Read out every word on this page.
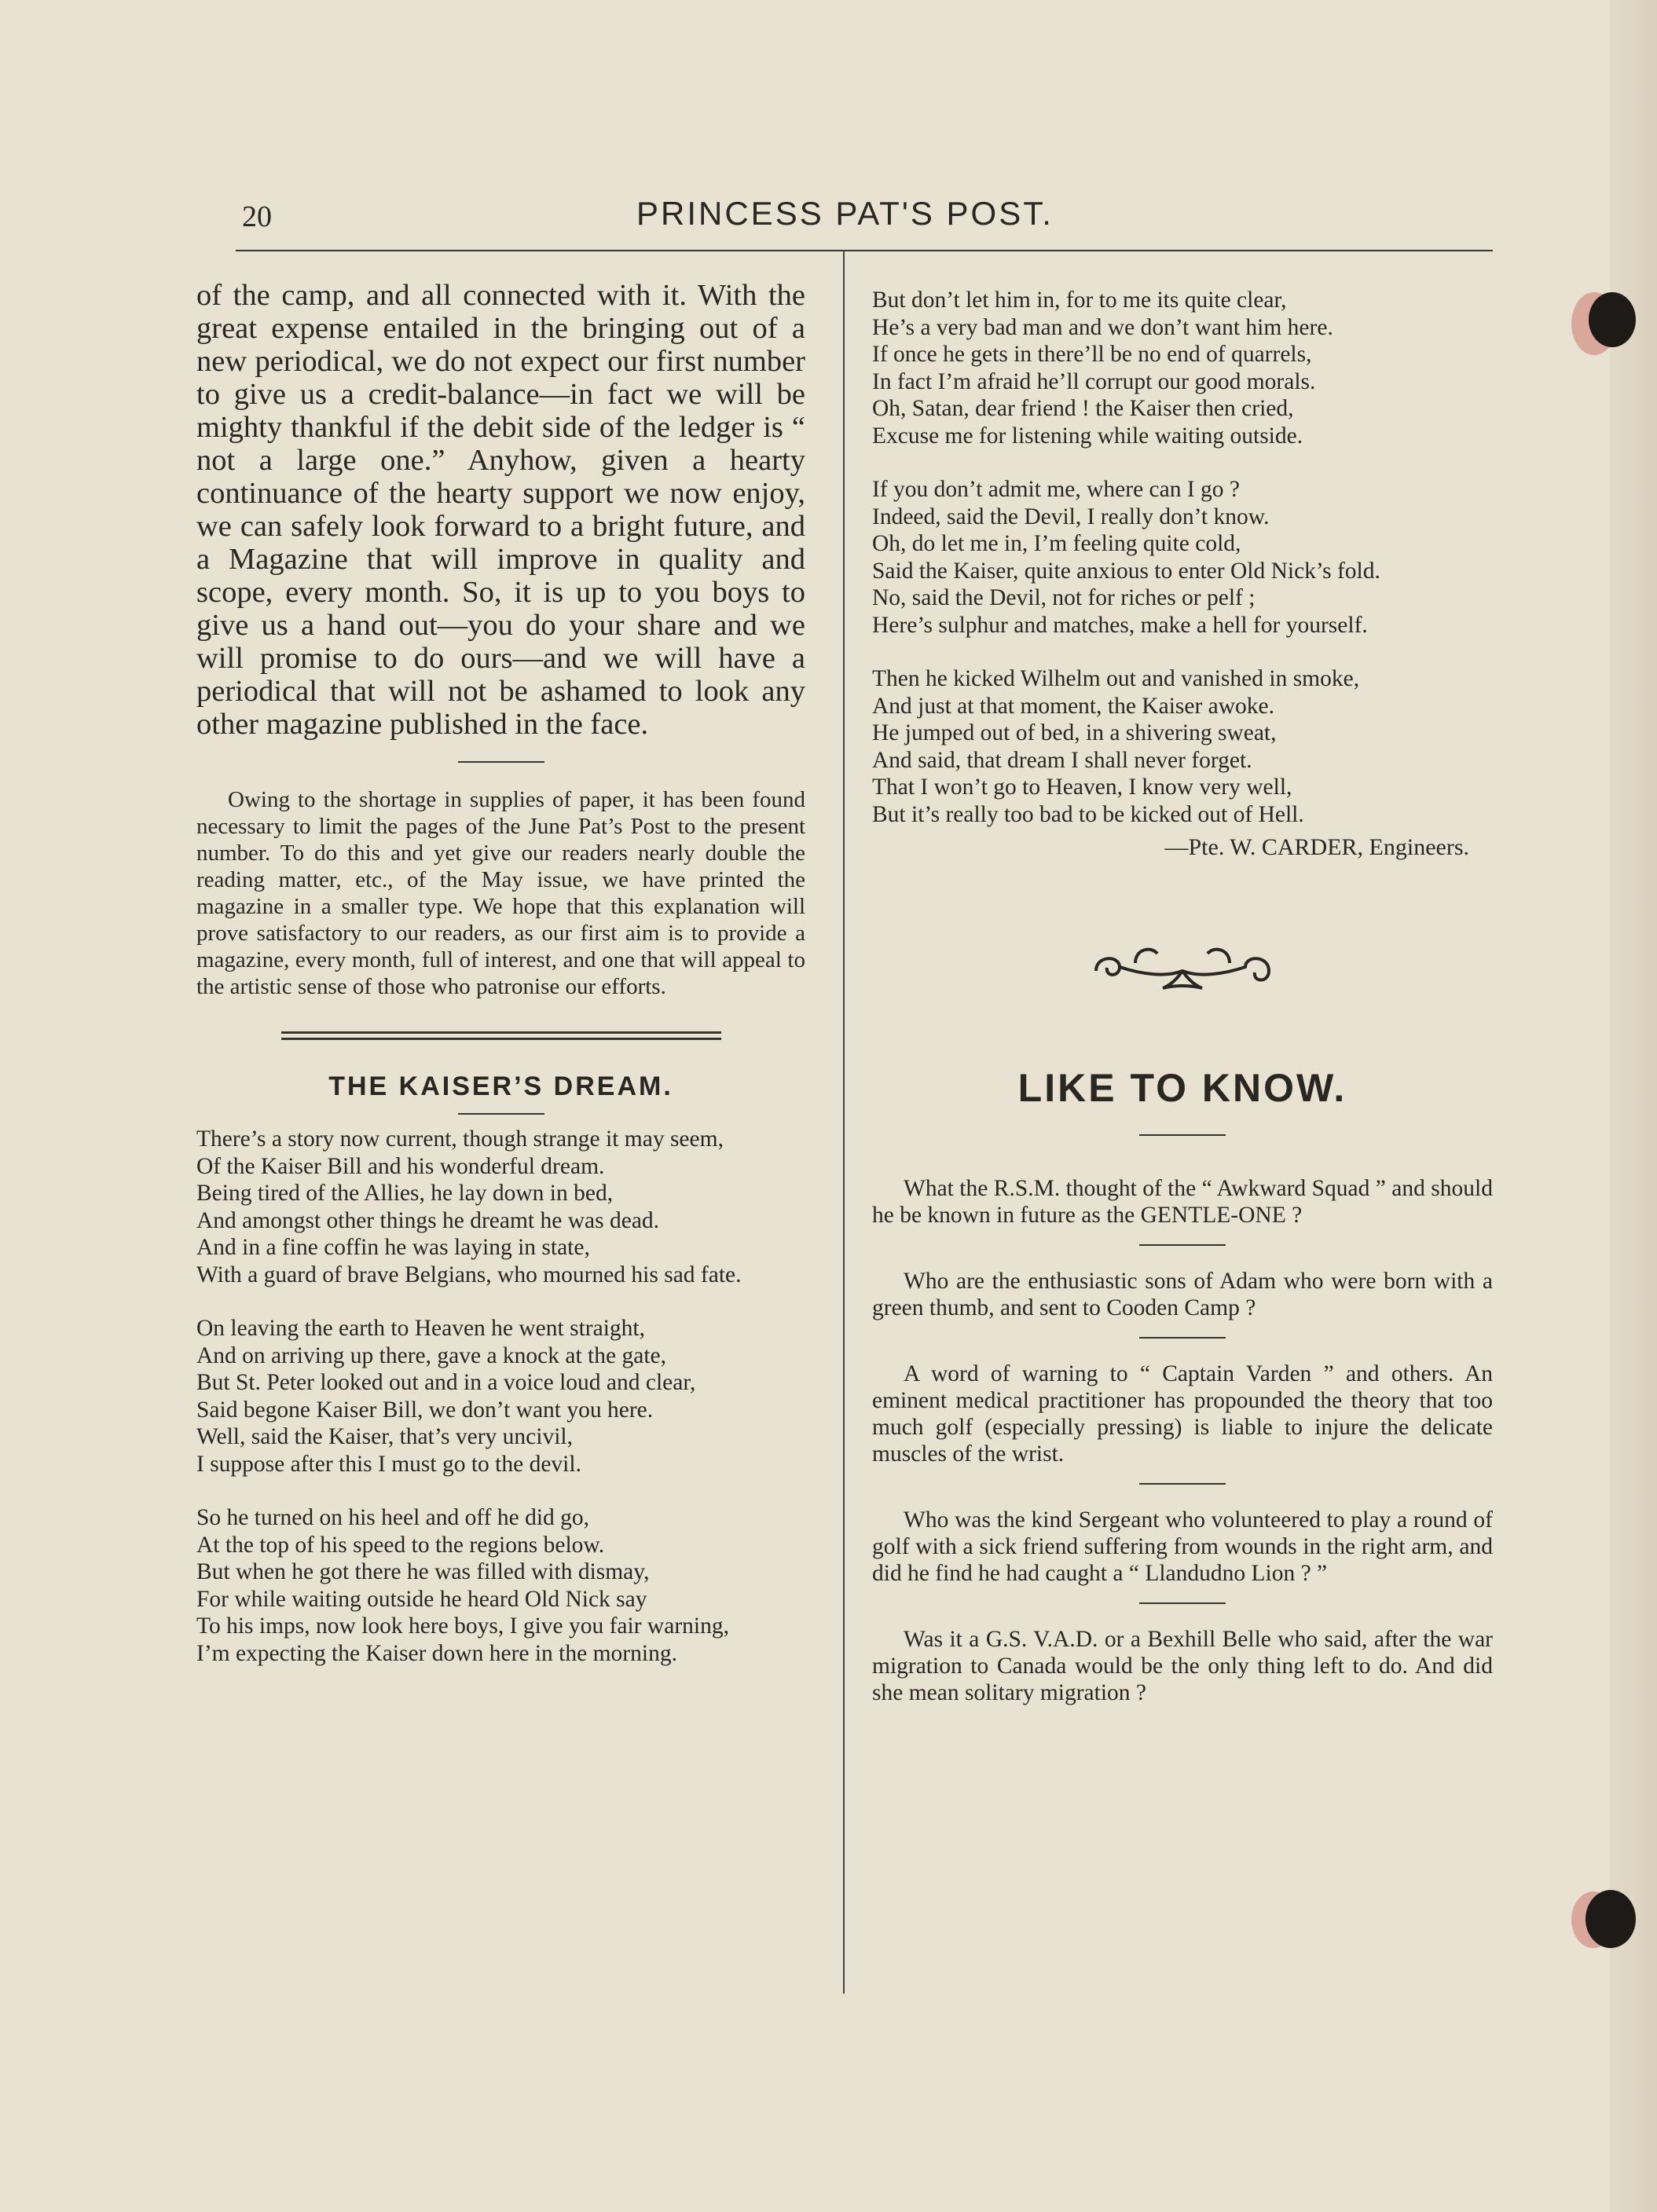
20	PRINCESS PAT'S POST.

of the camp, and all connected with it. With the great expense entailed in the bringing out of a new periodical, we do not expect our first number to give us a credit-balance—in fact we will be mighty thankful if the debit side of the ledger is “ not a large one.” Anyhow, given a hearty continuance of the hearty support we now enjoy, we can safely look forward to a bright future, and a Magazine that will improve in quality and scope, every month. So, it is up to you boys to give us a hand out—you do your share and we will promise to do ours—and we will have a periodical that will not be ashamed to look any other magazine published in the face.

Owing to the shortage in supplies of paper, it has been found necessary to limit the pages of the June Pat’s Post to the present number. To do this and yet give our readers nearly double the reading matter, etc., of the May issue, we have printed the magazine in a smaller type. We hope that this explanation will prove satisfactory to our readers, as our first aim is to provide a magazine, every month, full of interest, and one that will appeal to the artistic sense of those who patronise our efforts.

THE KAISER’S DREAM.
There’s a story now current, though strange it may seem,
Of the Kaiser Bill and his wonderful dream.
Being tired of the Allies, he lay down in bed,
And amongst other things he dreamt he was dead.
And in a fine coffin he was laying in state,
With a guard of brave Belgians, who mourned his sad fate.
On leaving the earth to Heaven he went straight,
And on arriving up there, gave a knock at the gate,
But St. Peter looked out and in a voice loud and clear,
Said begone Kaiser Bill, we don’t want you here.
Well, said the Kaiser, that’s very uncivil,
I suppose after this I must go to the devil.
So he turned on his heel and off he did go,
At the top of his speed to the regions below.
But when he got there he was filled with dismay,
For while waiting outside he heard Old Nick say
To his imps, now look here boys, I give you fair warning,
I’m expecting the Kaiser down here in the morning.
But don’t let him in, for to me its quite clear,
He’s a very bad man and we don’t want him here.
If once he gets in there’ll be no end of quarrels,
In fact I’m afraid he’ll corrupt our good morals.
Oh, Satan, dear friend ! the Kaiser then cried,
Excuse me for listening while waiting outside.
If you don’t admit me, where can I go ?
Indeed, said the Devil, I really don’t know.
Oh, do let me in, I’m feeling quite cold,
Said the Kaiser, quite anxious to enter Old Nick’s fold.
No, said the Devil, not for riches or pelf ;
Here’s sulphur and matches, make a hell for yourself.
Then he kicked Wilhelm out and vanished in smoke,
And just at that moment, the Kaiser awoke.
He jumped out of bed, in a shivering sweat,
And said, that dream I shall never forget.
That I won’t go to Heaven, I know very well,
But it’s really too bad to be kicked out of Hell.

—Pte. W. CARDER, Engineers.

LIKE TO KNOW.

What the R.S.M. thought of the “ Awkward Squad ” and should he be known in future as the GENTLE-ONE ?

Who are the enthusiastic sons of Adam who were born with a green thumb, and sent to Cooden Camp ?

A word of warning to “ Captain Varden ” and others. An eminent medical practitioner has propounded the theory that too much golf (especially pressing) is liable to injure the delicate muscles of the wrist.

Who was the kind Sergeant who volunteered to play a round of golf with a sick friend suffering from wounds in the right arm, and did he find he had caught a “ Llandudno Lion ? ”

Was it a G.S. V.A.D. or a Bexhill Belle who said, after the war migration to Canada would be the only thing left to do. And did she mean solitary migration ?
